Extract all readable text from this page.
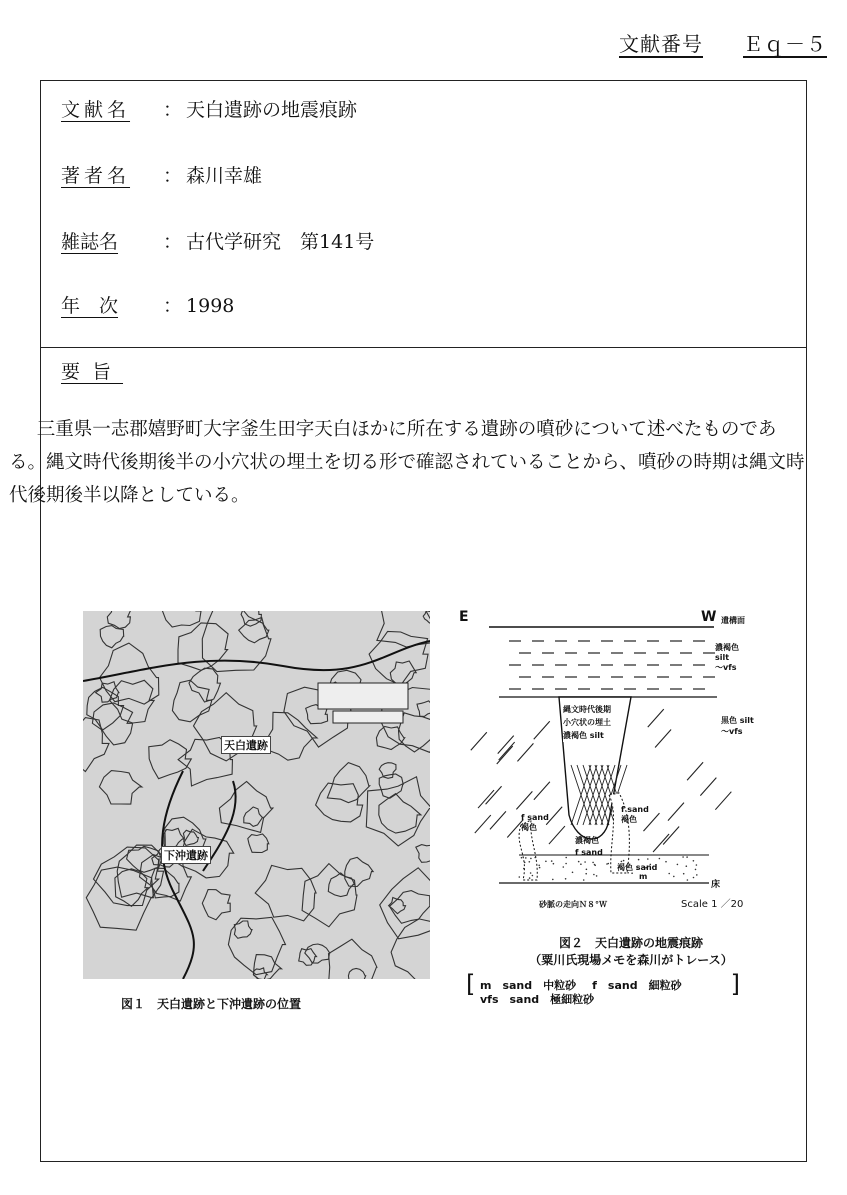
文献番号 Ｅｑ－５
文献名	： 天白遺跡の地震痕跡
著者名	： 森川幸雄
雑誌名	： 古代学研究　第141号
年　次	： 1998
要旨

三重県一志郡嬉野町大字釜生田字天白ほかに所在する遺跡の噴砂について述べたものである。縄文時代後期後半の小穴状の埋土を切る形で確認されていることから、噴砂の時期は縄文時代後期後半以降としている。

天白遺跡
下沖遺跡
図１　天白遺跡と下沖遺跡の位置
E	W 遺構面
濃褐色
silt
～vfs
黒色 silt
～vfs
縄文時代後期
小穴状の埋土
濃褐色 silt
f sand
褐色
f sand
褐色
濃褐色
f sand
褐色 sand
m
床
砂脈の走向Ｎ８°Ｗ	Scale 1 ／20
図２　天白遺跡の地震痕跡
（粟川氏現場メモを森川がトレース）
[ m　sand　中粒砂 f　sand　細粒砂
vfs　sand　極細粒砂
]
